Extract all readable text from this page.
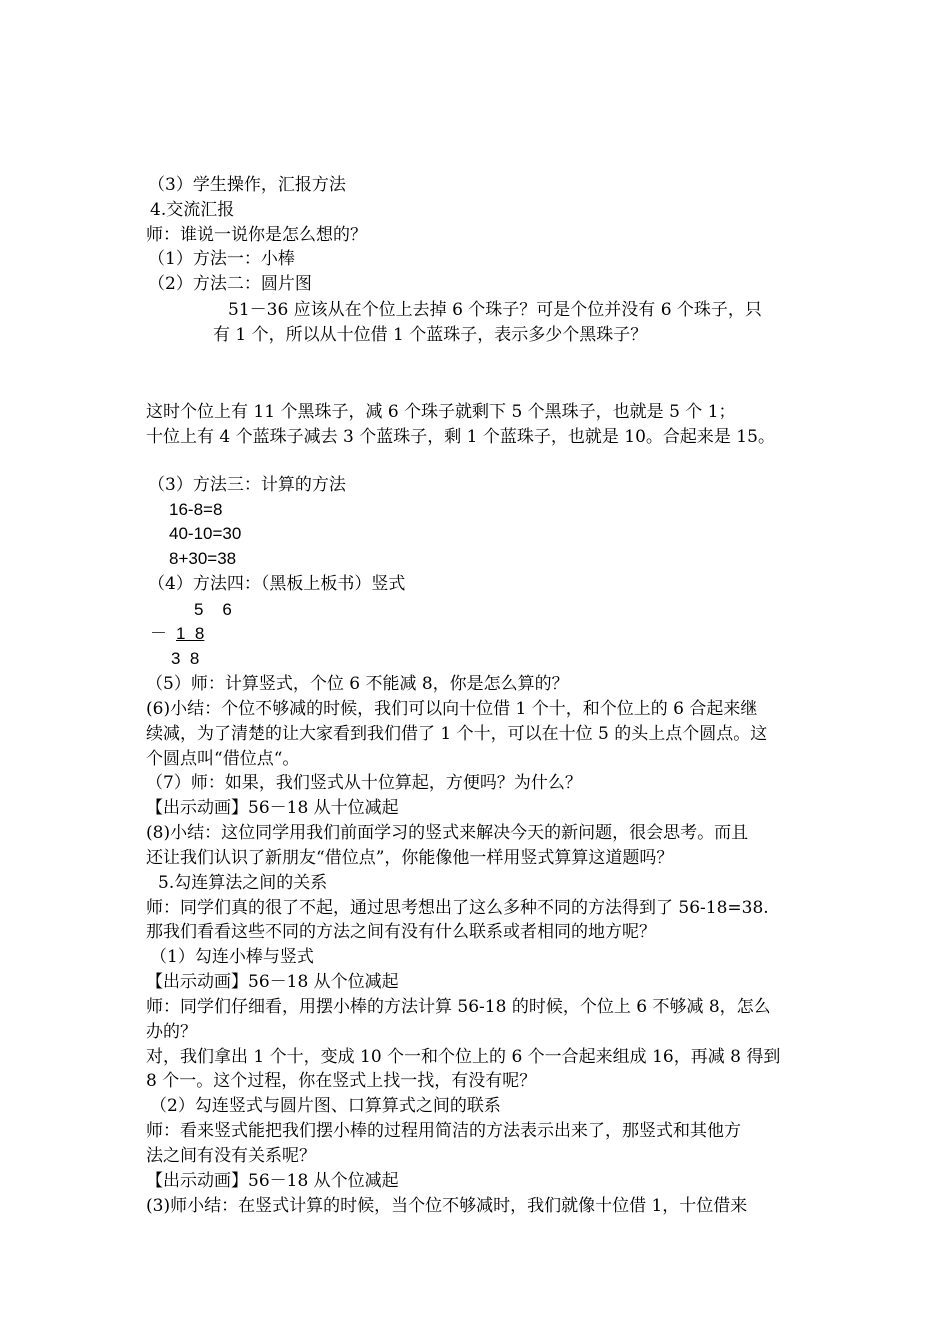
（3）学生操作，汇报方法
4.交流汇报
师：谁说一说你是怎么想的？
（1）方法一：小棒
（2）方法二：圆片图
51－36 应该从在个位上去掉 6 个珠子？可是个位并没有 6 个珠子，只
有 1 个，所以从十位借 1 个蓝珠子，表示多少个黑珠子？
这时个位上有 11 个黑珠子，减 6 个珠子就剩下 5 个黑珠子，也就是 5 个 1；
十位上有 4 个蓝珠子减去 3 个蓝珠子，剩 1 个蓝珠子，也就是 10。合起来是 15。
（3）方法三：计算的方法
16-8=8
40-10=30
8+30=38
（4）方法四：（黑板上板书）竖式
5    6
－ 1  8
3  8
（5）师：计算竖式，个位 6 不能减 8，你是怎么算的？
(6)小结：个位不够减的时候，我们可以向十位借 1 个十，和个位上的 6 合起来继
续减，为了清楚的让大家看到我们借了 1 个十，可以在十位 5 的头上点个圆点。这
个圆点叫“借位点“。
（7）师：如果，我们竖式从十位算起，方便吗？为什么？
【出示动画】56－18 从十位减起
(8)小结：这位同学用我们前面学习的竖式来解决今天的新问题，很会思考。而且
还让我们认识了新朋友“借位点”，你能像他一样用竖式算算这道题吗？
5.勾连算法之间的关系
师：同学们真的很了不起，通过思考想出了这么多种不同的方法得到了 56-18=38.
那我们看看这些不同的方法之间有没有什么联系或者相同的地方呢？
（1）勾连小棒与竖式
【出示动画】56－18 从个位减起
师：同学们仔细看，用摆小棒的方法计算 56-18 的时候，个位上 6 不够减 8，怎么
办的？
对，我们拿出 1 个十，变成 10 个一和个位上的 6 个一合起来组成 16，再减 8 得到
8 个一。这个过程，你在竖式上找一找，有没有呢？
（2）勾连竖式与圆片图、口算算式之间的联系
师：看来竖式能把我们摆小棒的过程用简洁的方法表示出来了，那竖式和其他方
法之间有没有关系呢？
【出示动画】56－18 从个位减起
(3)师小结：在竖式计算的时候，当个位不够减时，我们就像十位借 1，十位借来
